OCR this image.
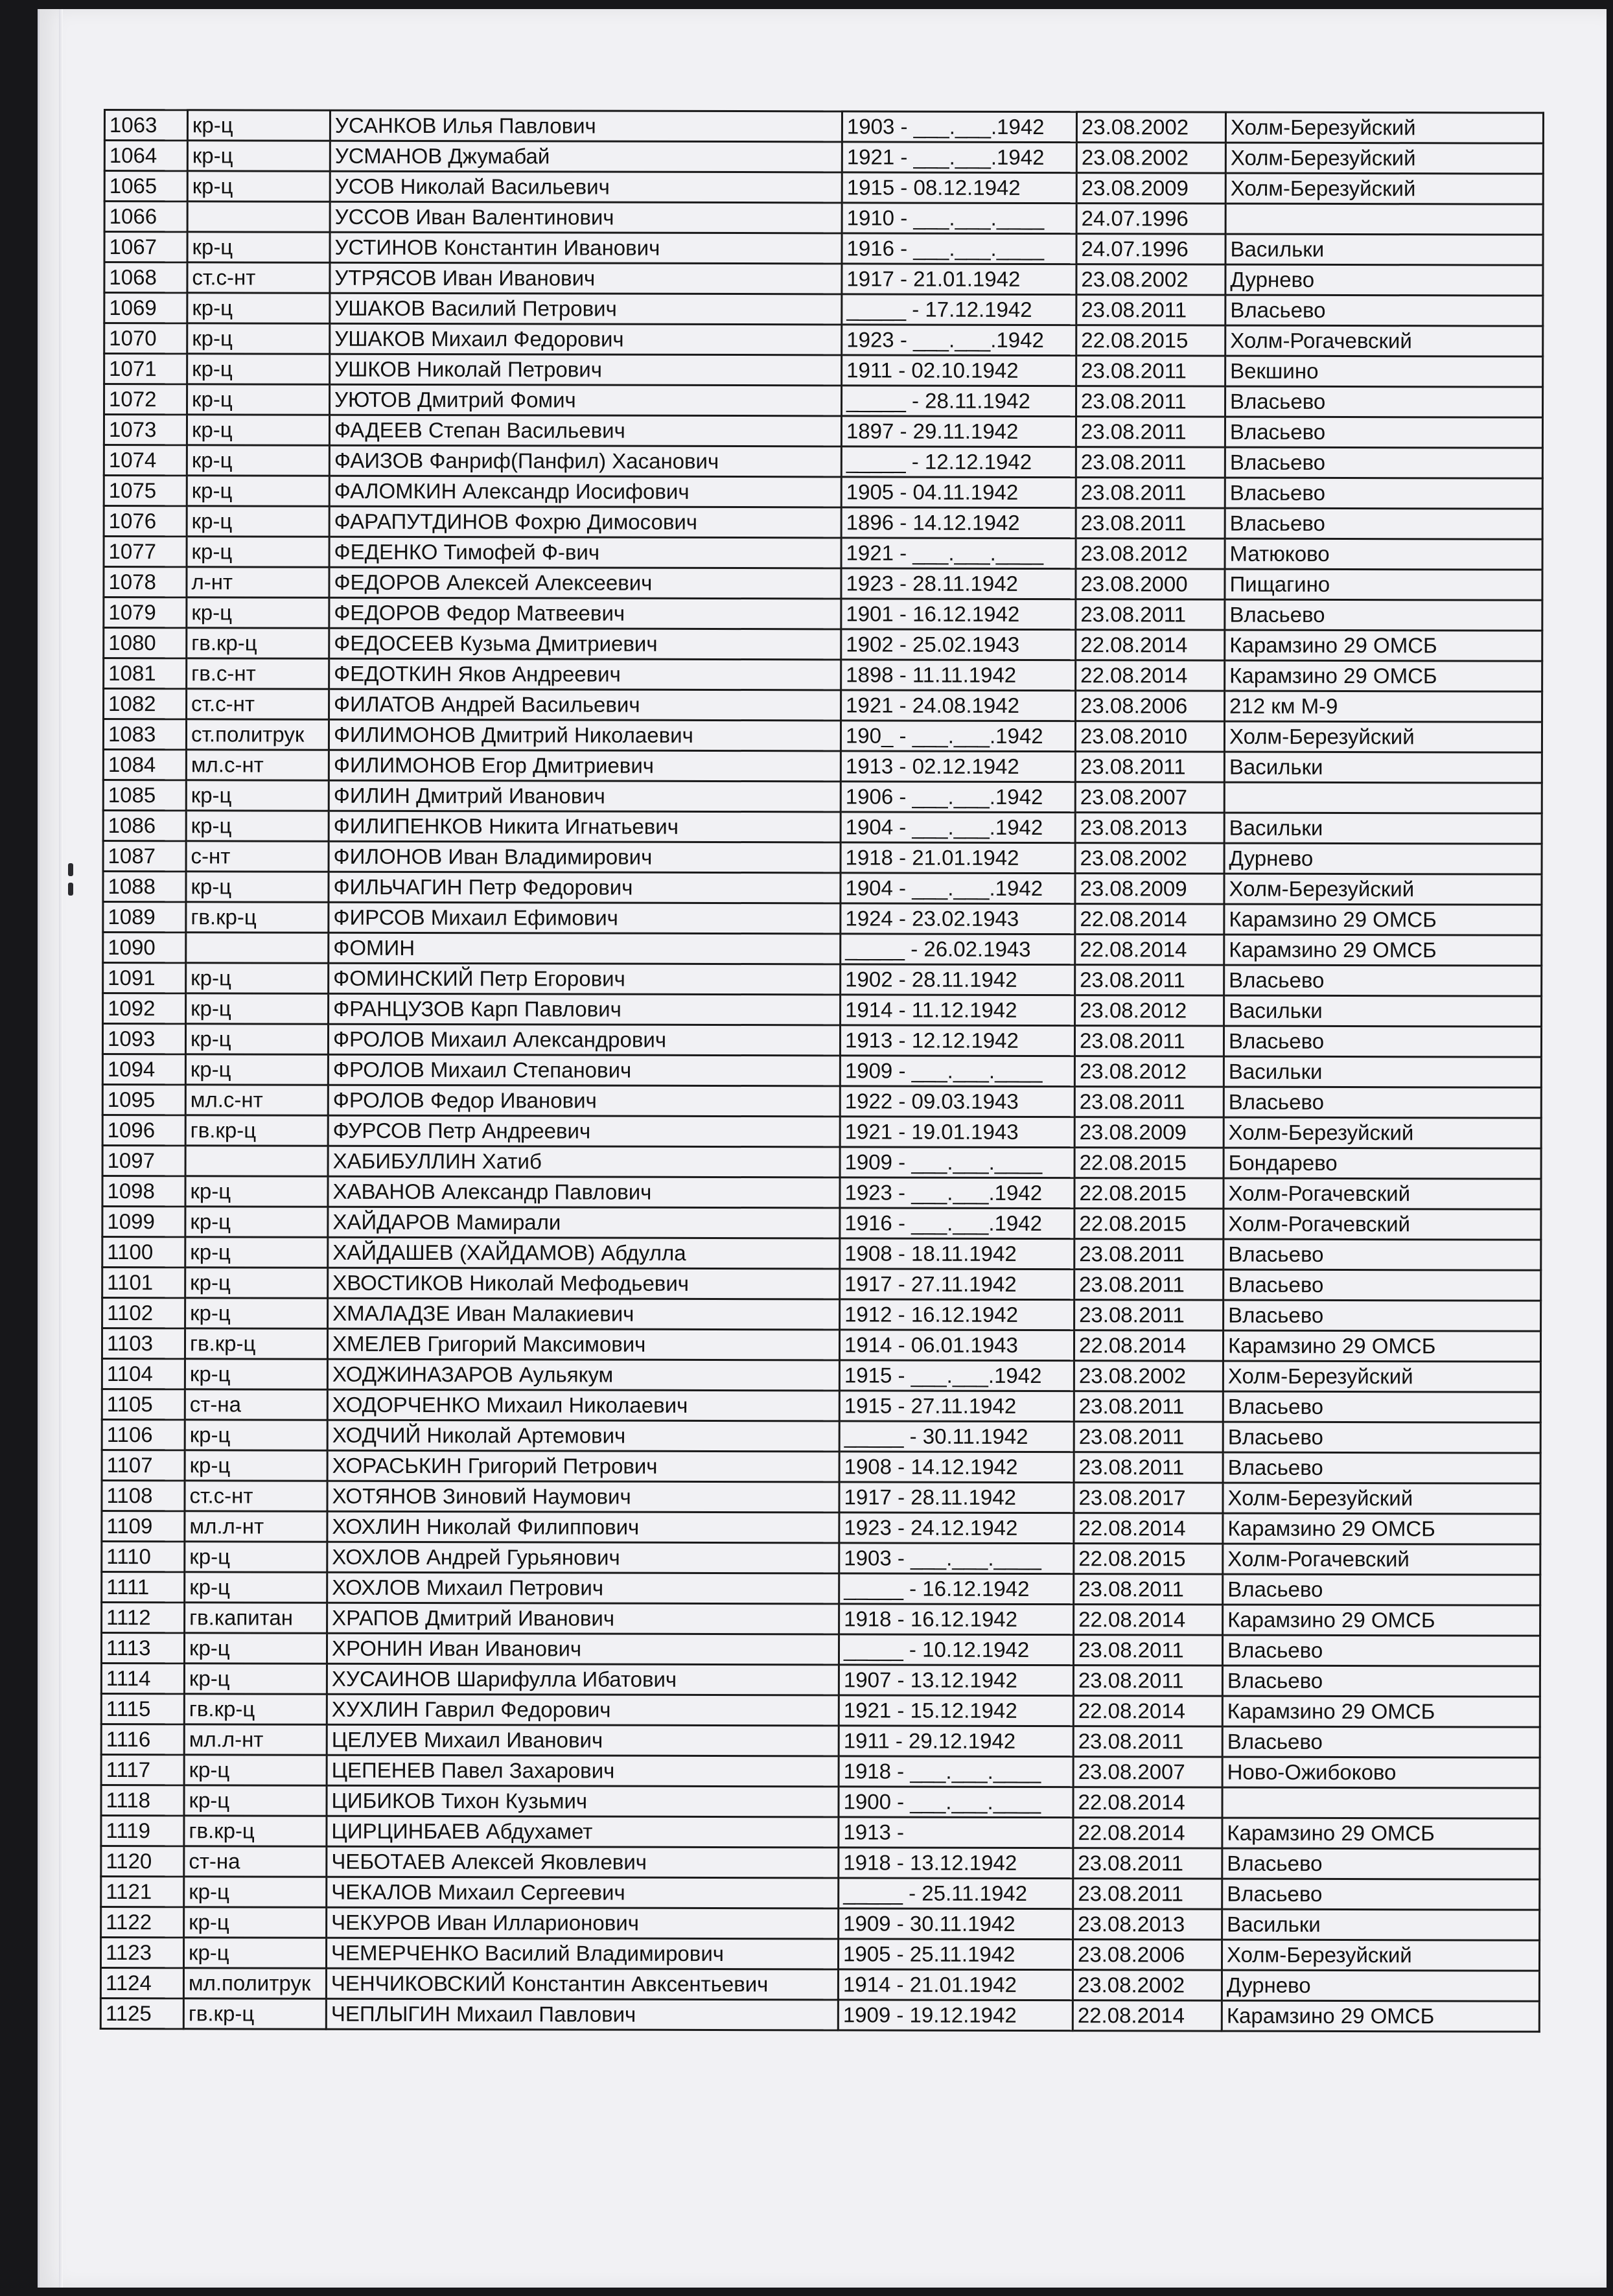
1063	кр-ц	УСАНКОВ Илья Павлович	1903 - ___.___.1942	23.08.2002	Холм-Березуйский
1064	кр-ц	УСМАНОВ Джумабай	1921 - ___.___.1942	23.08.2002	Холм-Березуйский
1065	кр-ц	УСОВ Николай Васильевич	1915 - 08.12.1942	23.08.2009	Холм-Березуйский
1066		УССОВ Иван Валентинович	1910 - ___.___.____	24.07.1996	
1067	кр-ц	УСТИНОВ Константин Иванович	1916 - ___.___.____	24.07.1996	Васильки
1068	ст.с-нт	УТРЯСОВ Иван Иванович	1917 - 21.01.1942	23.08.2002	Дурнево
1069	кр-ц	УШАКОВ Василий Петрович	_____ - 17.12.1942	23.08.2011	Власьево
1070	кр-ц	УШАКОВ Михаил Федорович	1923 - ___.___.1942	22.08.2015	Холм-Рогачевский
1071	кр-ц	УШКОВ Николай Петрович	1911 - 02.10.1942	23.08.2011	Векшино
1072	кр-ц	УЮТОВ Дмитрий Фомич	_____ - 28.11.1942	23.08.2011	Власьево
1073	кр-ц	ФАДЕЕВ Степан Васильевич	1897 - 29.11.1942	23.08.2011	Власьево
1074	кр-ц	ФАИЗОВ Фанриф(Панфил) Хасанович	_____ - 12.12.1942	23.08.2011	Власьево
1075	кр-ц	ФАЛОМКИН Александр Иосифович	1905 - 04.11.1942	23.08.2011	Власьево
1076	кр-ц	ФАРАПУТДИНОВ Фохрю Димосович	1896 - 14.12.1942	23.08.2011	Власьево
1077	кр-ц	ФЕДЕНКО Тимофей Ф-вич	1921 - ___.___.____	23.08.2012	Матюково
1078	л-нт	ФЕДОРОВ Алексей Алексеевич	1923 - 28.11.1942	23.08.2000	Пищагино
1079	кр-ц	ФЕДОРОВ Федор Матвеевич	1901 - 16.12.1942	23.08.2011	Власьево
1080	гв.кр-ц	ФЕДОСЕЕВ Кузьма Дмитриевич	1902 - 25.02.1943	22.08.2014	Карамзино 29 ОМСБ
1081	гв.с-нт	ФЕДОТКИН Яков Андреевич	1898 - 11.11.1942	22.08.2014	Карамзино 29 ОМСБ
1082	ст.с-нт	ФИЛАТОВ Андрей Васильевич	1921 - 24.08.1942	23.08.2006	212 км М-9
1083	ст.политрук	ФИЛИМОНОВ Дмитрий Николаевич	190_ - ___.___.1942	23.08.2010	Холм-Березуйский
1084	мл.с-нт	ФИЛИМОНОВ Егор Дмитриевич	1913 - 02.12.1942	23.08.2011	Васильки
1085	кр-ц	ФИЛИН Дмитрий Иванович	1906 - ___.___.1942	23.08.2007	
1086	кр-ц	ФИЛИПЕНКОВ Никита Игнатьевич	1904 - ___.___.1942	23.08.2013	Васильки
1087	с-нт	ФИЛОНОВ Иван Владимирович	1918 - 21.01.1942	23.08.2002	Дурнево
1088	кр-ц	ФИЛЬЧАГИН Петр Федорович	1904 - ___.___.1942	23.08.2009	Холм-Березуйский
1089	гв.кр-ц	ФИРСОВ Михаил Ефимович	1924 - 23.02.1943	22.08.2014	Карамзино 29 ОМСБ
1090		ФОМИН	_____ - 26.02.1943	22.08.2014	Карамзино 29 ОМСБ
1091	кр-ц	ФОМИНСКИЙ Петр Егорович	1902 - 28.11.1942	23.08.2011	Власьево
1092	кр-ц	ФРАНЦУЗОВ Карп Павлович	1914 - 11.12.1942	23.08.2012	Васильки
1093	кр-ц	ФРОЛОВ Михаил Александрович	1913 - 12.12.1942	23.08.2011	Власьево
1094	кр-ц	ФРОЛОВ Михаил Степанович	1909 - ___.___.____	23.08.2012	Васильки
1095	мл.с-нт	ФРОЛОВ Федор Иванович	1922 - 09.03.1943	23.08.2011	Власьево
1096	гв.кр-ц	ФУРСОВ Петр Андреевич	1921 - 19.01.1943	23.08.2009	Холм-Березуйский
1097		ХАБИБУЛЛИН Хатиб	1909 - ___.___.____	22.08.2015	Бондарево
1098	кр-ц	ХАВАНОВ Александр Павлович	1923 - ___.___.1942	22.08.2015	Холм-Рогачевский
1099	кр-ц	ХАЙДАРОВ Мамирали	1916 - ___.___.1942	22.08.2015	Холм-Рогачевский
1100	кр-ц	ХАЙДАШЕВ (ХАЙДАМОВ) Абдулла	1908 - 18.11.1942	23.08.2011	Власьево
1101	кр-ц	ХВОСТИКОВ Николай Мефодьевич	1917 - 27.11.1942	23.08.2011	Власьево
1102	кр-ц	ХМАЛАДЗЕ Иван Малакиевич	1912 - 16.12.1942	23.08.2011	Власьево
1103	гв.кр-ц	ХМЕЛЕВ Григорий Максимович	1914 - 06.01.1943	22.08.2014	Карамзино 29 ОМСБ
1104	кр-ц	ХОДЖИНАЗАРОВ Аульякум	1915 - ___.___.1942	23.08.2002	Холм-Березуйский
1105	ст-на	ХОДОРЧЕНКО Михаил Николаевич	1915 - 27.11.1942	23.08.2011	Власьево
1106	кр-ц	ХОДЧИЙ Николай Артемович	_____ - 30.11.1942	23.08.2011	Власьево
1107	кр-ц	ХОРАСЬКИН Григорий Петрович	1908 - 14.12.1942	23.08.2011	Власьево
1108	ст.с-нт	ХОТЯНОВ Зиновий Наумович	1917 - 28.11.1942	23.08.2017	Холм-Березуйский
1109	мл.л-нт	ХОХЛИН Николай Филиппович	1923 - 24.12.1942	22.08.2014	Карамзино 29 ОМСБ
1110	кр-ц	ХОХЛОВ Андрей Гурьянович	1903 - ___.___.____	22.08.2015	Холм-Рогачевский
1111	кр-ц	ХОХЛОВ Михаил Петрович	_____ - 16.12.1942	23.08.2011	Власьево
1112	гв.капитан	ХРАПОВ Дмитрий Иванович	1918 - 16.12.1942	22.08.2014	Карамзино 29 ОМСБ
1113	кр-ц	ХРОНИН Иван Иванович	_____ - 10.12.1942	23.08.2011	Власьево
1114	кр-ц	ХУСАИНОВ Шарифулла Ибатович	1907 - 13.12.1942	23.08.2011	Власьево
1115	гв.кр-ц	ХУХЛИН Гаврил Федорович	1921 - 15.12.1942	22.08.2014	Карамзино 29 ОМСБ
1116	мл.л-нт	ЦЕЛУЕВ Михаил Иванович	1911 - 29.12.1942	23.08.2011	Власьево
1117	кр-ц	ЦЕПЕНЕВ Павел Захарович	1918 - ___.___.____	23.08.2007	Ново-Ожибоково
1118	кр-ц	ЦИБИКОВ Тихон Кузьмич	1900 - ___.___.____	22.08.2014	
1119	гв.кр-ц	ЦИРЦИНБАЕВ Абдухамет	1913 -	22.08.2014	Карамзино 29 ОМСБ
1120	ст-на	ЧЕБОТАЕВ Алексей Яковлевич	1918 - 13.12.1942	23.08.2011	Власьево
1121	кр-ц	ЧЕКАЛОВ Михаил Сергеевич	_____ - 25.11.1942	23.08.2011	Власьево
1122	кр-ц	ЧЕКУРОВ Иван Илларионович	1909 - 30.11.1942	23.08.2013	Васильки
1123	кр-ц	ЧЕМЕРЧЕНКО Василий Владимирович	1905 - 25.11.1942	23.08.2006	Холм-Березуйский
1124	мл.политрук	ЧЕНЧИКОВСКИЙ Константин Авксентьевич	1914 - 21.01.1942	23.08.2002	Дурнево
1125	гв.кр-ц	ЧЕПЛЫГИН Михаил Павлович	1909 - 19.12.1942	22.08.2014	Карамзино 29 ОМСБ
